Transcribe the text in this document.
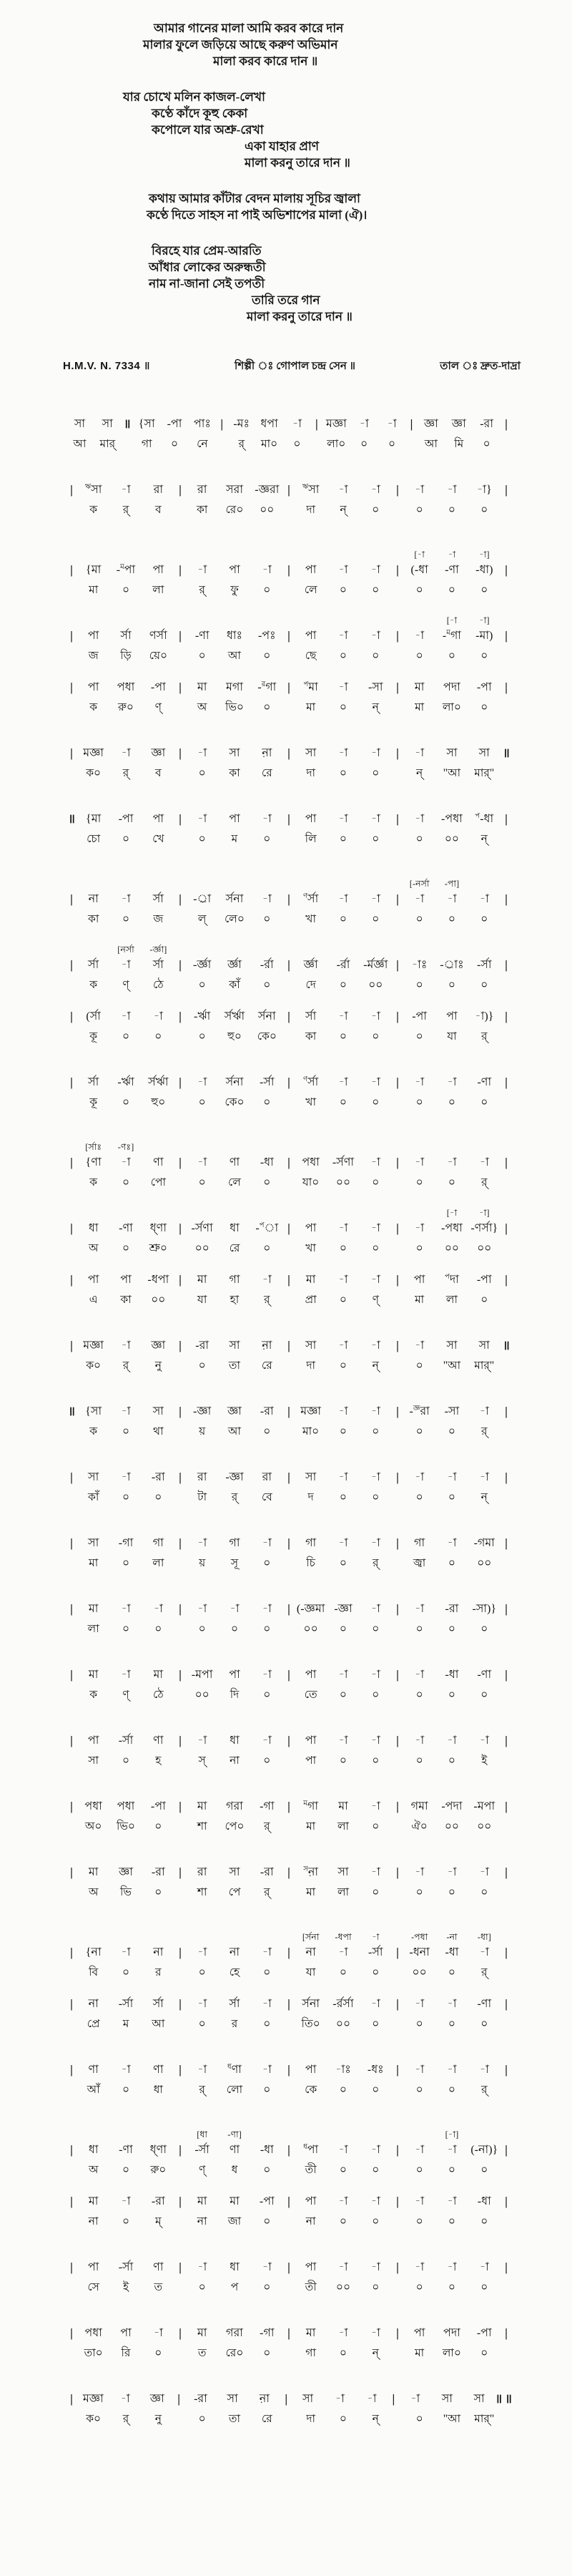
আমার গানের মালা আমি করব কারে দান
মালার ফুলে জড়িয়ে আছে করুণ অভিমান
মালা করব কারে দান ॥
যার চোখে মলিন কাজল-লেখা
কণ্ঠে কাঁদে কূহু কেকা
কপোলে যার অশ্রু-রেখা
একা যাহার প্রাণ
মালা করনু তারে দান ॥
কথায় আমার কাঁটার বেদন মালায় সূচির জ্বালা
কণ্ঠে দিতে সাহস না পাই অভিশাপের মালা (ঐ)।
বিরহে যার প্রেম-আরতি
আঁধার লোকের অরুন্ধতী
নাম না-জানা সেই তপতী
তারি তরে গান
মালা করনু তারে দান ॥
H.M.V. N. 7334 ॥	শিল্পী ঃ গোপাল চন্দ্র সেন ॥	তাল ঃ দ্রুত-দাদ্রা
সা	সা ॥ {সা	-পা	পাঃ | -মঃ ধপা	-া	| মজ্ঞা	-া	-া	| জ্ঞা	জ্ঞা	-রা |
আ	মার্	গা	০	নে	র্	মা০	০	লা০	০	০	আ	মি	০
|	$^ঋ$সা	-া	রা	|	রা	সরা	-জ্ঞরা |	$^ঋ$সা	-া	-া	|	-া	-া	-া}	|
ক	র্	ব	কা	রে০	০০	দা	ন্	০	০	০	০
[-া	-া	-া]
|	{মা	-$^ম$পা	পা	|	-া	পা	-া	|	পা	-া	-া	|	(-ধা	-ণা	-ধা) |
মা	০	লা	র্	ফু	০	লে	০	০	০	০	০
[-া	-া]
|	পা	র্সা	ণর্সা |	-ণা	ধাঃ	-পঃ |	পা	-া	-া	|	-া	-$^ম$গা	-মা) |
জ	ড়ি	য়ে০	০	আ	০	ছে	০	০	০	০	০
|	পা	পধা	-পা	|	মা	মগা	-$^র$গা |	$^প$মা	-া	-সা	|	মা	পদা	-পা	|
ক	রু০	ণ্	অ	ভি০	০	মা	০	ন্	মা	লা০	০
| মজ্ঞা	-া	জ্ঞা	|	-া	সা	ন়া	|	সা	-া	-া	|	-া	সা	সা	॥
ক০	র্	ব	০	কা	রে	দা	০	০	ন্	"আ	মার্"
॥ {মা	-পা	পা	|	-া	পা	-া	|	পা	-া	-া	|	-া	-পধা	$^প$-ধা |
চো	০	খে	০	ম	০	লি	০	০	০	০০	ন্
[-নর্সা	-পা]
|	না	-া	র্সা	|	-র্া	র্সনা	-া	|	$^ণ$র্সা	-া	-া	|	-া	-া	-া	|
কা	০	জ	ল্	লে০	০	খা	০	০	০	০	০
[নর্সা	-র্জ্ঞা]
|	র্সা	-া	র্সা	|	-র্জ্ঞা	র্জ্ঞা	-র্রা	|	র্জ্ঞা	-র্রা	-র্মর্জ্ঞা |	-াঃ	-র্াঃ	-র্সা	|
ক	ণ্	ঠে	০	কাঁ	০	দে	০	০০	০	০	০
|	(র্সা	-া	-া	|	-র্ঋা	র্সর্ঋা	র্সনা |	র্সা	-া	-া	|	-পা	পা	-া)} |
কূ	০	০	০	হু০	কে০	কা	০	০	০	যা	র্
|	র্সা	-র্ঋা	র্সর্ঋা |	-া	র্সনা	-র্সা	|	$^ণ$র্সা	-া	-া	|	-া	-া	-ণা	|
কূ	০	হু০	০	কে০	০	খা	০	০	০	০	০
[র্সাঃ	-ণঃ]
|	{ণা	-া	ণা	|	-া	ণা	-ধা	|	পধা	-র্সণা	-া	|	-া	-া	-া	|
ক	০	পো	০	লে	০	যা০	০০	০	০	০	র্
[-া	-া]
|	ধা	-ণা	ধ্ণা	| -র্সণা	ধা	-$^প$া |	পা	-া	-া	|	-া	-পধা -ণর্সা} |
অ	০	শ্রু০	০০	রে	০	খা	০	০	০	০০	০০
|	পা	পা	-ধপা |	মা	গা	-া	|	মা	-া	-া	|	পা	$^প$দা	-পা	|
এ	কা	০০	যা	হা	র্	প্রা	০	ণ্	মা	লা	০
| মজ্ঞা	-া	জ্ঞা	|	-রা	সা	ন়া	|	সা	-া	-া	|	-া	সা	সা	॥
ক০	র্	নু	০	তা	রে	দা	০	ন্	০	"আ	মার্"
॥ {সা	-া	সা	|	-জ্ঞা	জ্ঞা	-রা	| মজ্ঞা	-া	-া	| -$^{জ্ঞ}$রা	-সা	-া	|
ক	০	থা	য়	আ	০	মা০	০	০	০	০	র্
|	সা	-া	-রা	|	রা	-জ্ঞা	রা	|	সা	-া	-া	|	-া	-া	-া	|
কাঁ	০	০	টা	র্	বে	দ	০	০	০	০	ন্
|	সা	-গা	গা	|	-া	গা	-া	|	গা	-া	-া	|	গা	-া	-গমা |
মা	০	লা	য়	সূ	০	চি	০	র্	জ্বা	০	০০
|	মা	-া	-া	|	-া	-া	-া	| (-জ্ঞমা -জ্ঞা	-া	|	-া	-রা	-সা)} |
লা	০	০	০	০	০	০০	০	০	০	০	০
|	মা	-া	মা	| -মপা	পা	-া	|	পা	-া	-া	|	-া	-ধা	-ণা	|
ক	ণ্	ঠে	০০	দি	০	তে	০	০	০	০	০
|	পা	-র্সা	ণা	|	-া	ধা	-া	|	পা	-া	-া	|	-া	-া	-া	|
সা	০	হ	স্	না	০	পা	০	০	০	০	ই
|	পধা	পধা	-পা	|	মা	গরা	-গা	|	$^ম$গা	মা	-া	|	গমা	-পদা -মপা |
অ০	ভি০	০	শা	পে০	র্	মা	লা	০	ঐ০	০০	০০
|	মা	জ্ঞা	-রা	|	রা	সা	-রা	|	$^স$ন়া	সা	-া	|	-া	-া	-া	|
অ	ভি	০	শা	পে	র্	মা	লা	০	০	০	০
[র্সনা	-ধপা	-া	-পধা	-না	-ধা]
|	{না	-া	না	|	-া	না	-া	|	না	-া	-র্সা	| -ধনা	-ধা	-া	|
বি	০	র	০	হে	০	যা	০	০	০০	০	র্
|	না	-র্সা	র্সা	|	-া	র্সা	-া	|	র্সনা	-র্রর্সা	-া	|	-া	-া	-ণা	|
প্রে	ম	আ	০	র	০	তি০	০০	০	০	০	০
|	ণা	-া	ণা	|	-া	$^ধ$ণা	-া	|	পা	-াঃ	-ধঃ	|	-া	-া	-া	|
আঁ	০	ধা	র্	লো	০	কে	০	০	০	০	র্
[ধা	-ণা]	[-া]
|	ধা	-ণা	ধ্ণা	|	-র্সা	ণা	-ধা	|	$^ধ$পা	-া	-া	|	-া	-া	(-না)} |
অ	০	রু০	ণ্	ধ	০	তী	০	০	০	০	০
|	মা	-া	-রা	|	মা	মা	-পা	|	পা	-া	-া	|	-া	-া	-ধা	|
না	০	ম্	না	জা	০	না	০	০	০	০	০
|	পা	-র্সা	ণা	|	-া	ধা	-া	|	পা	-া	-া	|	-া	-া	-া	|
সে	ই	ত	০	প	০	তী	০০	০	০	০	০
|	পধা	পা	-া	|	মা	গরা	-গা	|	মা	-া	-া	|	পা	পদা	-পা	|
তা০	রি	০	ত	রে০	০	গা	০	ন্	মা	লা০	০
| মজ্ঞা	-া	জ্ঞা	|	-রা	সা	ন়া	|	সা	-া	-া	|	-া	সা	সা ॥ ॥
ক০	র্	নু	০	তা	রে	দা	০	ন্	০	"আ	মার্"
